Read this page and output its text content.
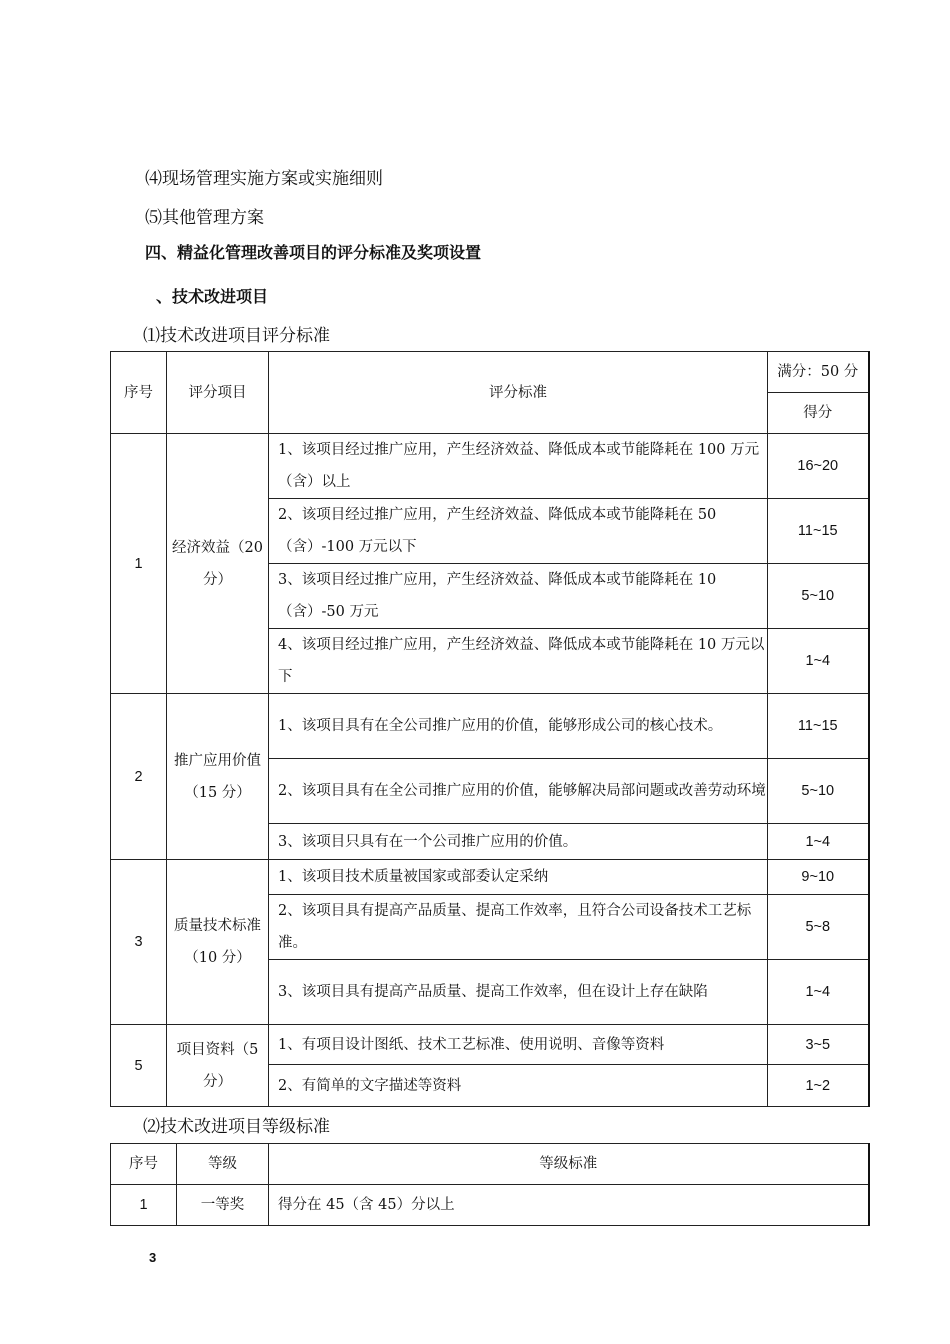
⑷现场管理实施方案或实施细则
⑸其他管理方案
四、精益化管理改善项目的评分标准及奖项设置
、技术改进项目
⑴技术改进项目评分标准
序号	评分项目	评分标准	满分：50 分
			得分
1	经济效益（20 分）	1、该项目经过推广应用，产生经济效益、降低成本或节能降耗在 100 万元（含）以上	16~20
		2、该项目经过推广应用，产生经济效益、降低成本或节能降耗在 50（含）-100 万元以下	11~15
		3、该项目经过推广应用，产生经济效益、降低成本或节能降耗在 10（含）-50 万元	5~10
		4、该项目经过推广应用，产生经济效益、降低成本或节能降耗在 10 万元以下	1~4
2	推广应用价值（15 分）	1、该项目具有在全公司推广应用的价值，能够形成公司的核心技术。	11~15
		2、该项目具有在全公司推广应用的价值，能够解决局部问题或改善劳动环境	5~10
		3、该项目只具有在一个公司推广应用的价值。	1~4
3	质量技术标准（10 分）	1、该项目技术质量被国家或部委认定采纳	9~10
		2、该项目具有提高产品质量、提高工作效率，且符合公司设备技术工艺标准。	5~8
		3、该项目具有提高产品质量、提高工作效率，但在设计上存在缺陷	1~4
5	项目资料（5 分）	1、有项目设计图纸、技术工艺标准、使用说明、音像等资料	3~5
		2、有简单的文字描述等资料	1~2
⑵技术改进项目等级标准
序号	等级	等级标准
1	一等奖	得分在 45（含 45）分以上
3
